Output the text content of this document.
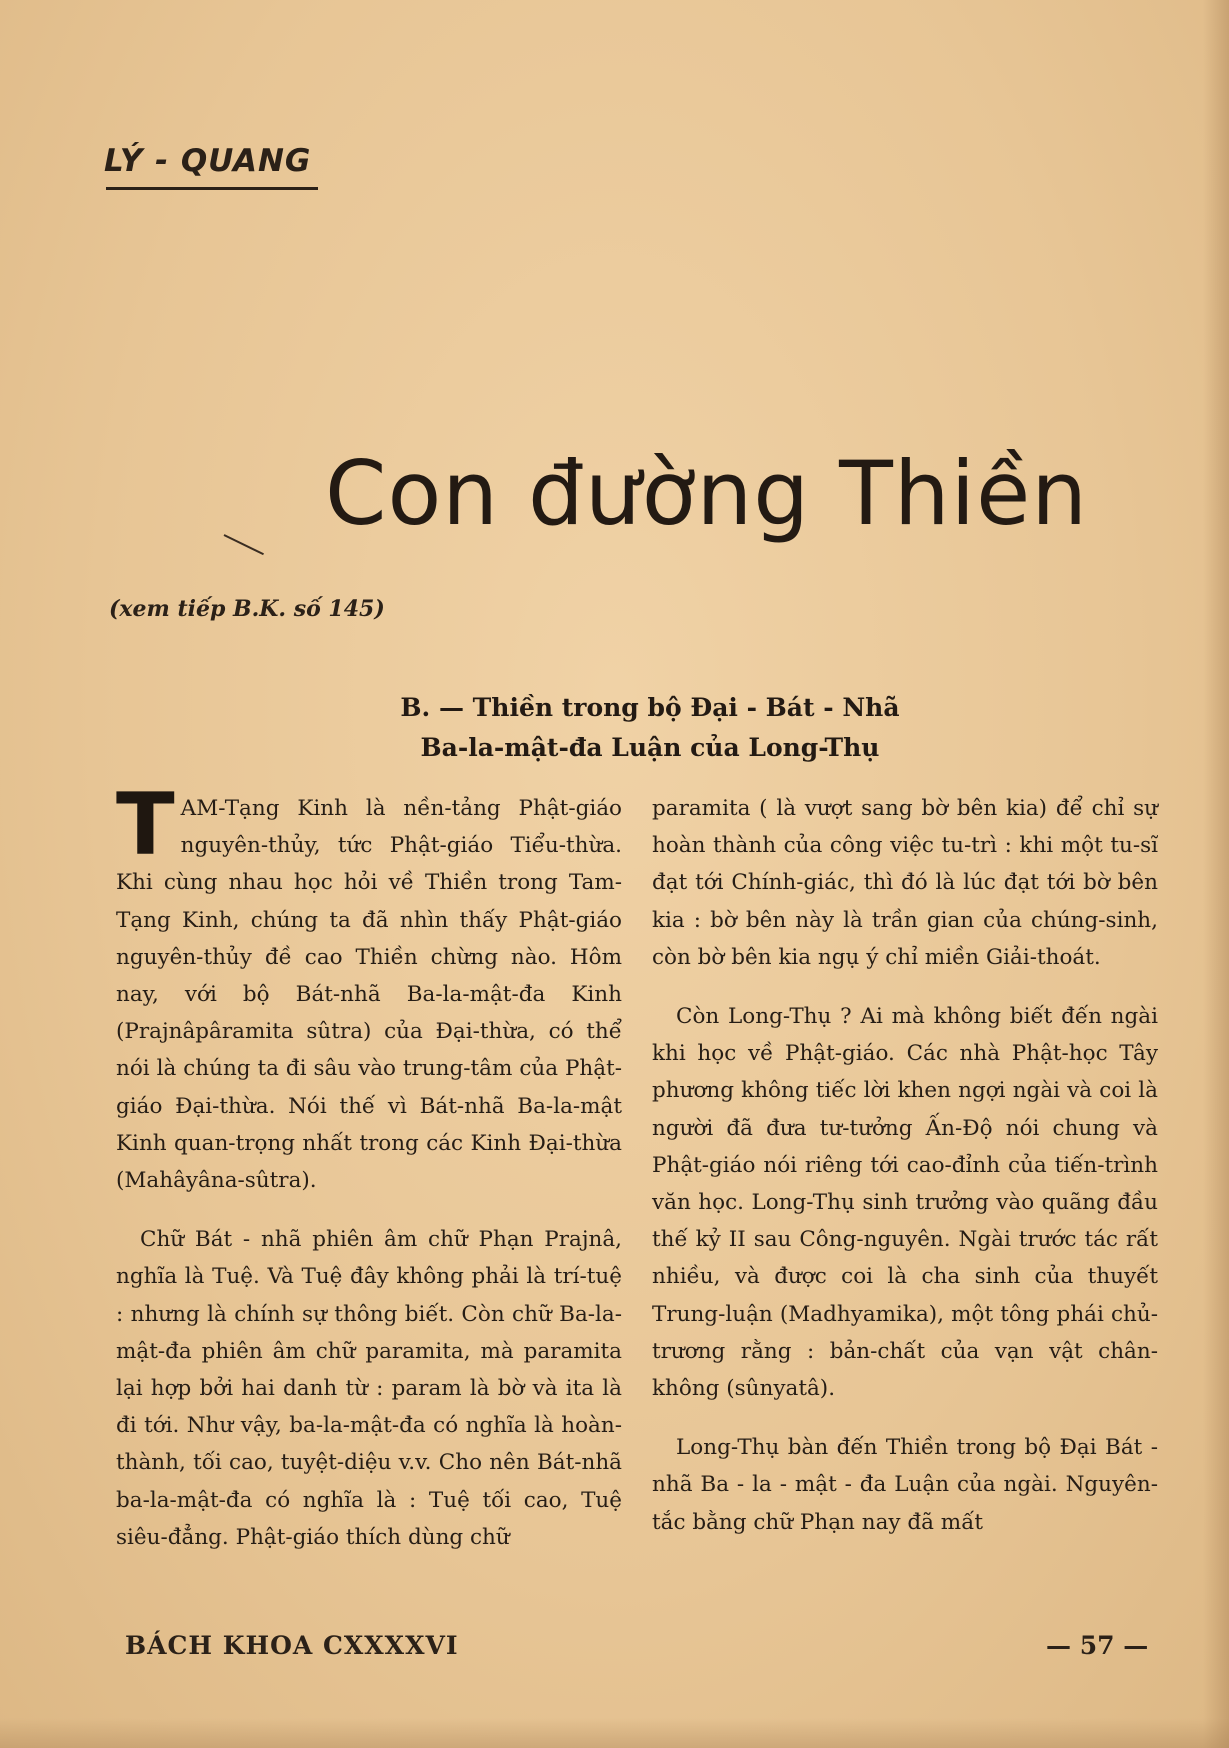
LÝ - QUANG
Con đường Thiền
(xem tiếp B.K. số 145)
B. — Thiền trong bộ Đại - Bát - Nhã
Ba-la-mật-đa Luận của Long-Thụ

TAM-Tạng Kinh là nền-tảng Phật-giáo nguyên-thủy, tức Phật-giáo Tiểu-thừa. Khi cùng nhau học hỏi về Thiền trong Tam-Tạng Kinh, chúng ta đã nhìn thấy Phật-giáo nguyên-thủy đề cao Thiền chừng nào. Hôm nay, với bộ Bát-nhã Ba-la-mật-đa Kinh (Prajnâpâramita sûtra) của Đại-thừa, có thể nói là chúng ta đi sâu vào trung-tâm của Phật-giáo Đại-thừa. Nói thế vì Bát-nhã Ba-la-mật Kinh quan-trọng nhất trong các Kinh Đại-thừa (Mahâyâna-sûtra).

Chữ Bát - nhã phiên âm chữ Phạn Prajnâ, nghĩa là Tuệ. Và Tuệ đây không phải là trí-tuệ : nhưng là chính sự thông biết. Còn chữ Ba-la-mật-đa phiên âm chữ paramita, mà paramita lại hợp bởi hai danh từ : param là bờ và ita là đi tới. Như vậy, ba-la-mật-đa có nghĩa là hoàn-thành, tối cao, tuyệt-diệu v.v. Cho nên Bát-nhã ba-la-mật-đa có nghĩa là : Tuệ tối cao, Tuệ siêu-đẳng. Phật-giáo thích dùng chữ

paramita ( là vượt sang bờ bên kia) để chỉ sự hoàn thành của công việc tu-trì : khi một tu-sĩ đạt tới Chính-giác, thì đó là lúc đạt tới bờ bên kia : bờ bên này là trần gian của chúng-sinh, còn bờ bên kia ngụ ý chỉ miền Giải-thoát.

Còn Long-Thụ ? Ai mà không biết đến ngài khi học về Phật-giáo. Các nhà Phật-học Tây phương không tiếc lời khen ngợi ngài và coi là người đã đưa tư-tưởng Ấn-Độ nói chung và Phật-giáo nói riêng tới cao-đỉnh của tiến-trình văn học. Long-Thụ sinh trưởng vào quãng đầu thế kỷ II sau Công-nguyên. Ngài trước tác rất nhiều, và được coi là cha sinh của thuyết Trung-luận (Madhyamika), một tông phái chủ-trương rằng : bản-chất của vạn vật chân-không (sûnyatâ).

Long-Thụ bàn đến Thiền trong bộ Đại Bát - nhã Ba - la - mật - đa Luận của ngài. Nguyên-tắc bằng chữ Phạn nay đã mất

BÁCH KHOA CXXXXVI	— 57 —
